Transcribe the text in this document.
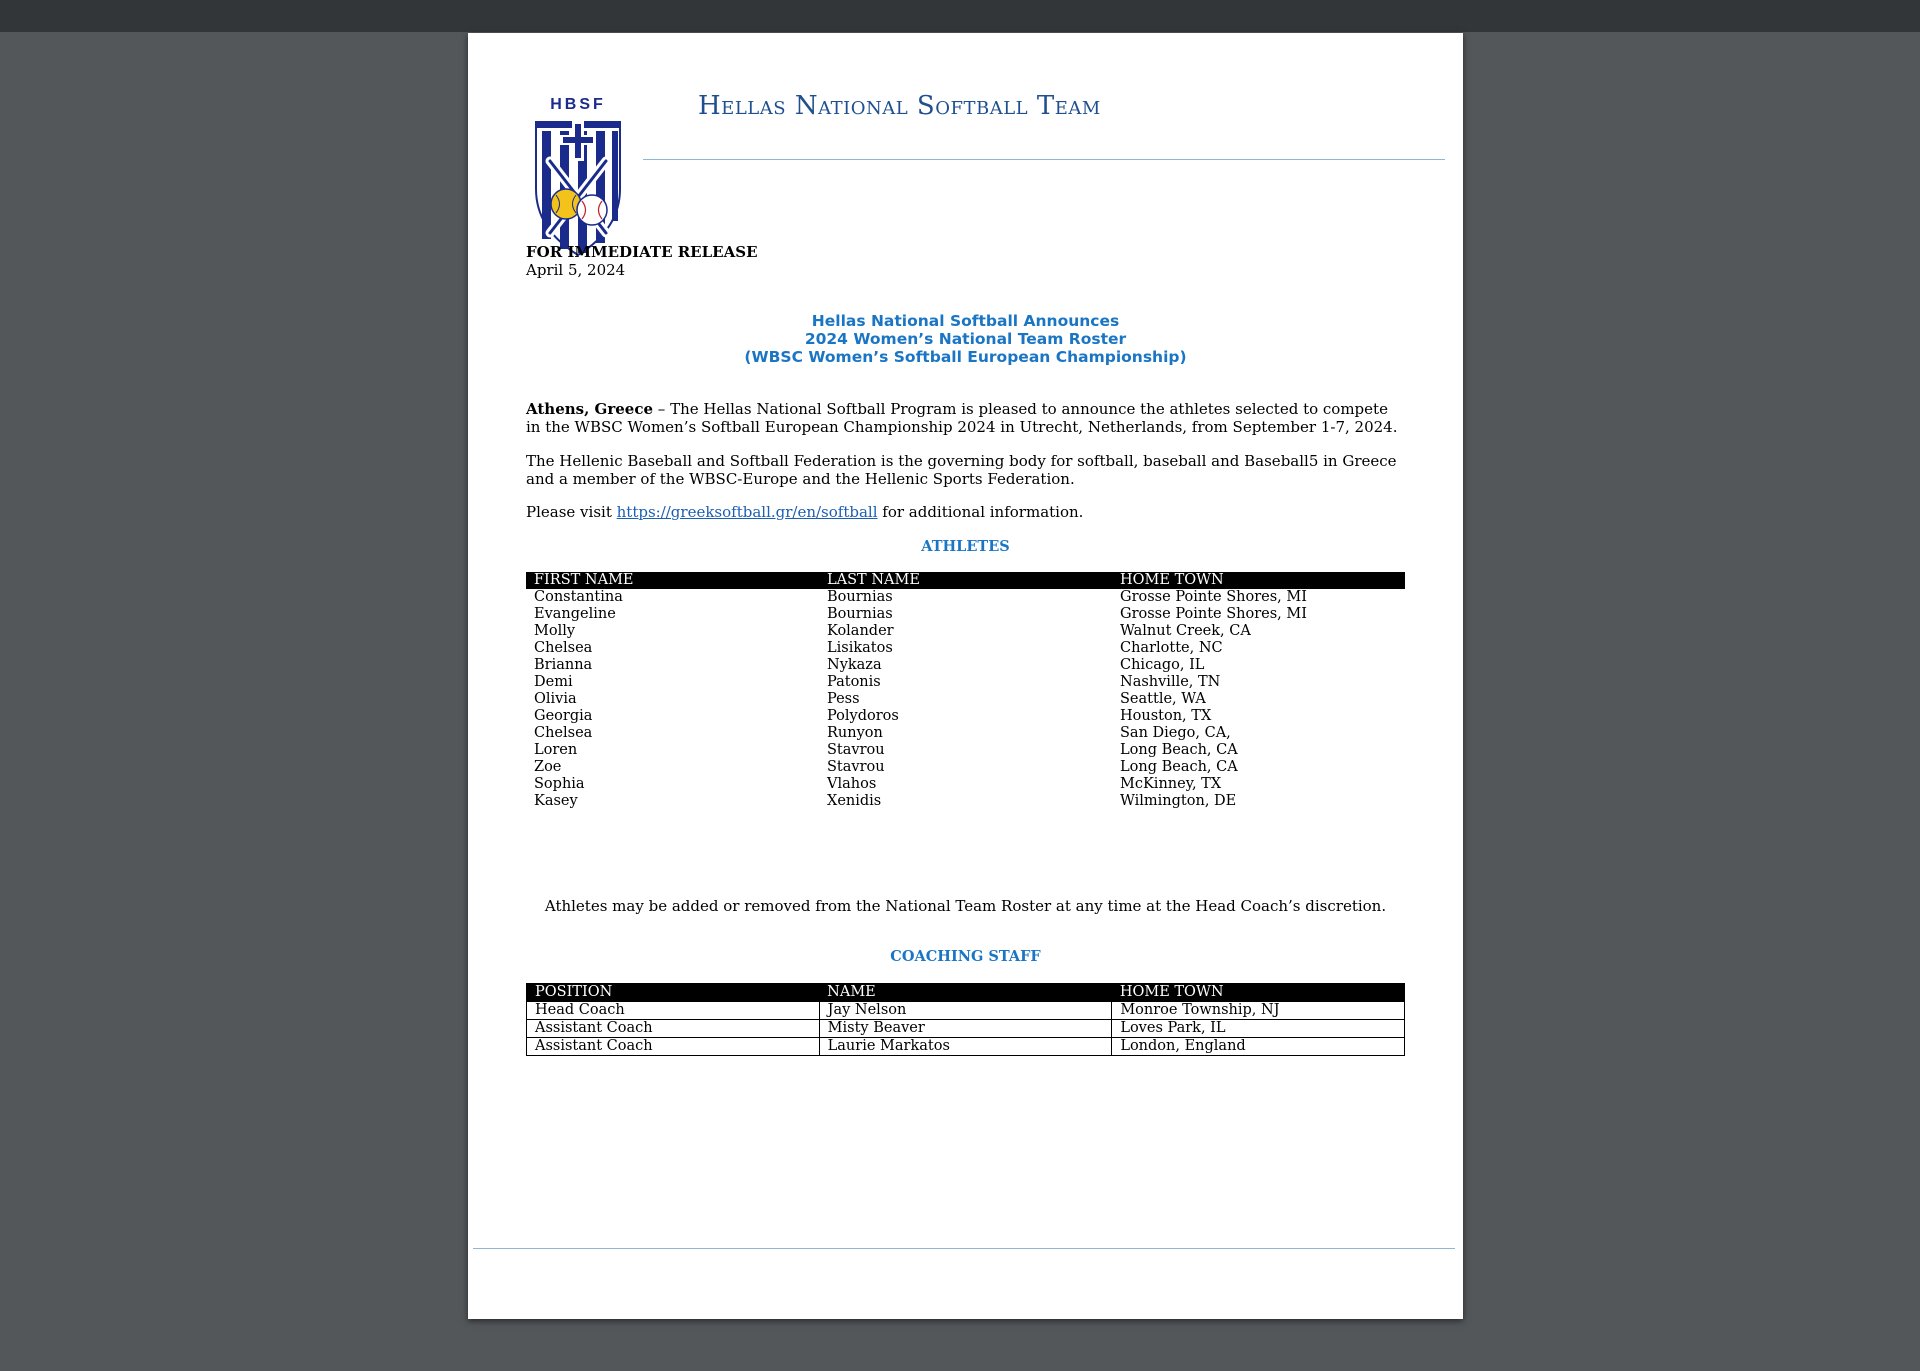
HBSF	Hellas National Softball Team
FOR IMMEDIATE RELEASE
April 5, 2024
Hellas National Softball Announces
2024 Women’s National Team Roster
(WBSC Women’s Softball European Championship)
Athens, Greece – The Hellas National Softball Program is pleased to announce the athletes selected to compete in the WBSC Women’s Softball European Championship 2024 in Utrecht, Netherlands, from September 1-7, 2024.
The Hellenic Baseball and Softball Federation is the governing body for softball, baseball and Baseball5 in Greece and a member of the WBSC-Europe and the Hellenic Sports Federation.
Please visit https://greeksoftball.gr/en/softball for additional information.
ATHLETES
FIRST NAME	LAST NAME	HOME TOWN
Constantina	Bournias	Grosse Pointe Shores, MI
Evangeline	Bournias	Grosse Pointe Shores, MI
Molly	Kolander	Walnut Creek, CA
Chelsea	Lisikatos	Charlotte, NC
Brianna	Nykaza	Chicago, IL
Demi	Patonis	Nashville, TN
Olivia	Pess	Seattle, WA
Georgia	Polydoros	Houston, TX
Chelsea	Runyon	San Diego, CA,
Loren	Stavrou	Long Beach, CA
Zoe	Stavrou	Long Beach, CA
Sophia	Vlahos	McKinney, TX
Kasey	Xenidis	Wilmington, DE
Athletes may be added or removed from the National Team Roster at any time at the Head Coach’s discretion.
COACHING STAFF
POSITION	NAME	HOME TOWN
Head Coach	Jay Nelson	Monroe Township, NJ
Assistant Coach	Misty Beaver	Loves Park, IL
Assistant Coach	Laurie Markatos	London, England
